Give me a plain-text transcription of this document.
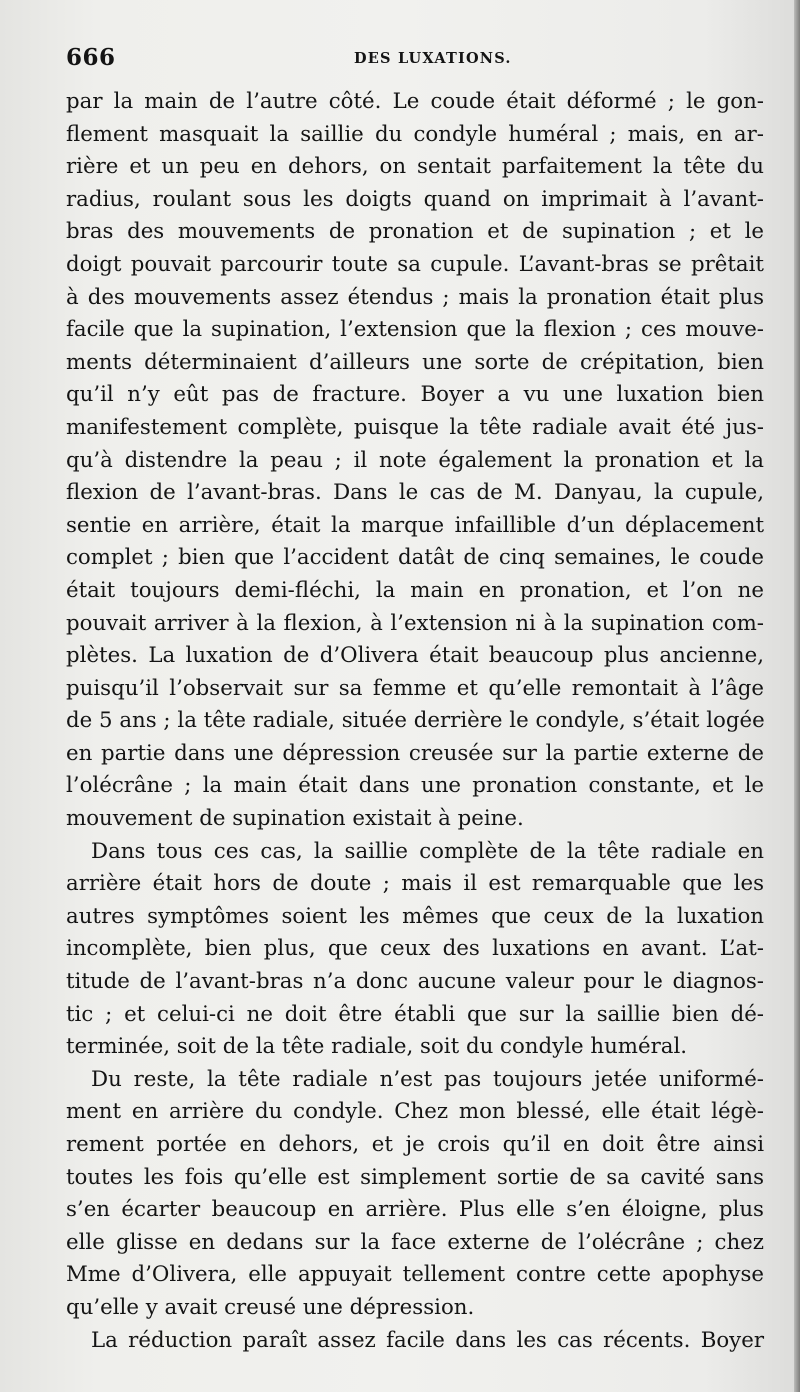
666	DES LUXATIONS.
par la main de l’autre côté. Le coude était déformé ; le gon-
flement masquait la saillie du condyle huméral ; mais, en ar-
rière et un peu en dehors, on sentait parfaitement la tête du
radius, roulant sous les doigts quand on imprimait à l’avant-
bras des mouvements de pronation et de supination ; et le
doigt pouvait parcourir toute sa cupule. L’avant-bras se prêtait
à des mouvements assez étendus ; mais la pronation était plus
facile que la supination, l’extension que la flexion ; ces mouve-
ments déterminaient d’ailleurs une sorte de crépitation, bien
qu’il n’y eût pas de fracture. Boyer a vu une luxation bien
manifestement complète, puisque la tête radiale avait été jus-
qu’à distendre la peau ; il note également la pronation et la
flexion de l’avant-bras. Dans le cas de M. Danyau, la cupule,
sentie en arrière, était la marque infaillible d’un déplacement
complet ; bien que l’accident datât de cinq semaines, le coude
était toujours demi-fléchi, la main en pronation, et l’on ne
pouvait arriver à la flexion, à l’extension ni à la supination com-
plètes. La luxation de d’Olivera était beaucoup plus ancienne,
puisqu’il l’observait sur sa femme et qu’elle remontait à l’âge
de 5 ans ; la tête radiale, située derrière le condyle, s’était logée
en partie dans une dépression creusée sur la partie externe de
l’olécrâne ; la main était dans une pronation constante, et le
mouvement de supination existait à peine.
Dans tous ces cas, la saillie complète de la tête radiale en
arrière était hors de doute ; mais il est remarquable que les
autres symptômes soient les mêmes que ceux de la luxation
incomplète, bien plus, que ceux des luxations en avant. L’at-
titude de l’avant-bras n’a donc aucune valeur pour le diagnos-
tic ; et celui-ci ne doit être établi que sur la saillie bien dé-
terminée, soit de la tête radiale, soit du condyle huméral.
Du reste, la tête radiale n’est pas toujours jetée uniformé-
ment en arrière du condyle. Chez mon blessé, elle était légè-
rement portée en dehors, et je crois qu’il en doit être ainsi
toutes les fois qu’elle est simplement sortie de sa cavité sans
s’en écarter beaucoup en arrière. Plus elle s’en éloigne, plus
elle glisse en dedans sur la face externe de l’olécrâne ; chez
Mme d’Olivera, elle appuyait tellement contre cette apophyse
qu’elle y avait creusé une dépression.
La réduction paraît assez facile dans les cas récents. Boyer
